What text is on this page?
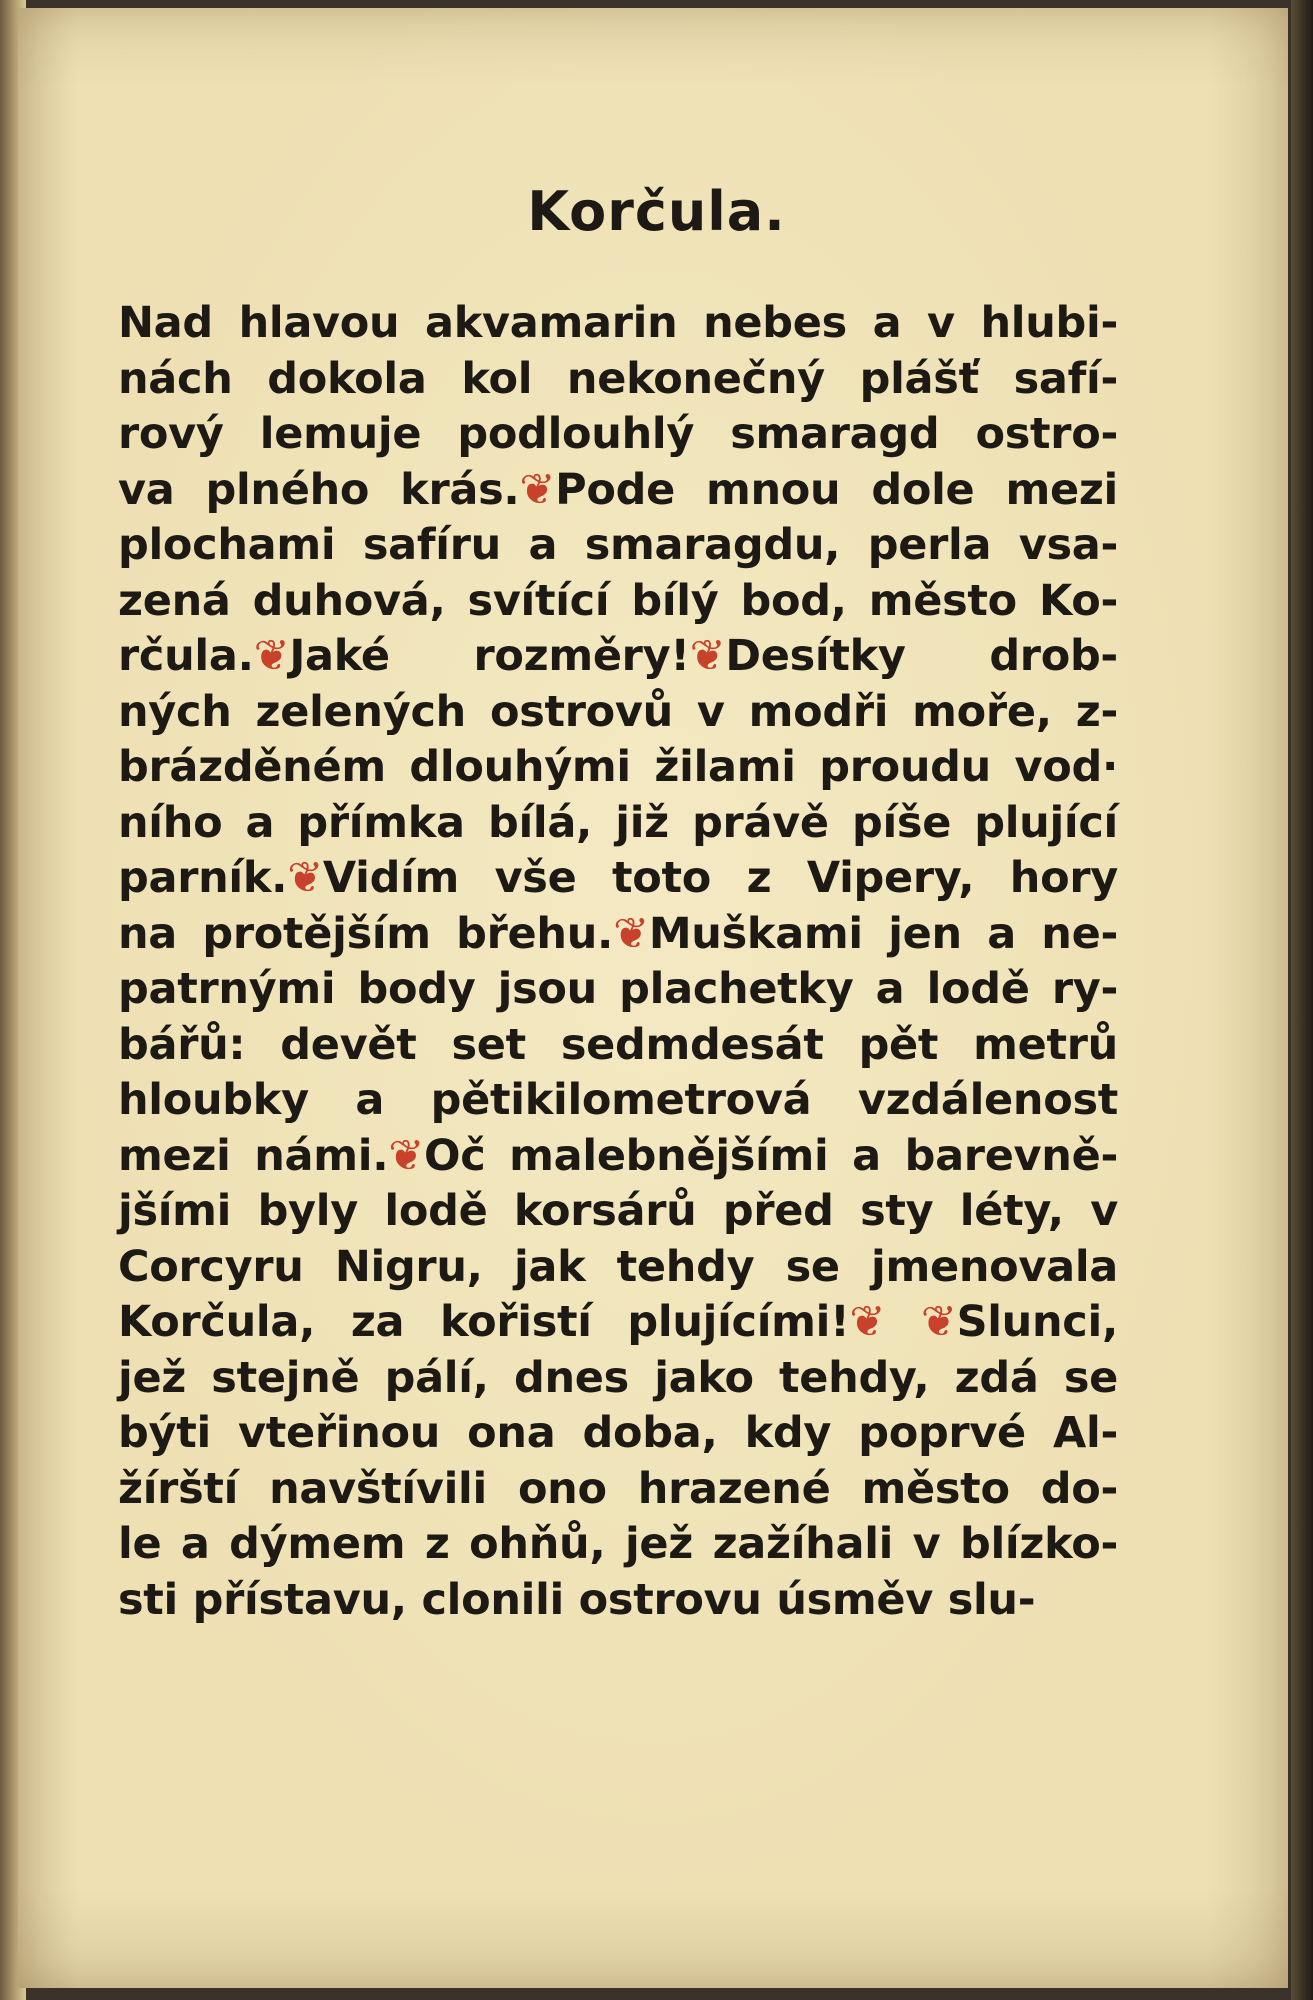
Korčula.
Nad hlavou akvamarin nebes a v hlubi-
nách dokola kol nekonečný plášť safí-
rový lemuje podlouhlý smaragd ostro-
va plného krás.❦Pode mnou dole mezi
plochami safíru a smaragdu, perla vsa-
zená duhová, svítící bílý bod, město Ko-
rčula.❦Jaké rozměry!❦Desítky drob-
ných zelených ostrovů v modři moře, z-
brázděném dlouhými žilami proudu vod·
ního a přímka bílá, již právě píše plující
parník.❦Vidím vše toto z Vipery, hory
na protějším břehu.❦Muškami jen a ne-
patrnými body jsou plachetky a lodě ry-
bářů: devět set sedmdesát pět metrů
hloubky a pětikilometrová vzdálenost
mezi námi.❦Oč malebnějšími a barevně-
jšími byly lodě korsárů před sty léty, v
Corcyru Nigru, jak tehdy se jmenovala
Korčula, za kořistí plujícími!❦ ❦Slunci,
jež stejně pálí, dnes jako tehdy, zdá se
býti vteřinou ona doba, kdy poprvé Al-
žírští navštívili ono hrazené město do-
le a dýmem z ohňů, jež zažíhali v blízko-
sti přístavu, clonili ostrovu úsměv slu-
